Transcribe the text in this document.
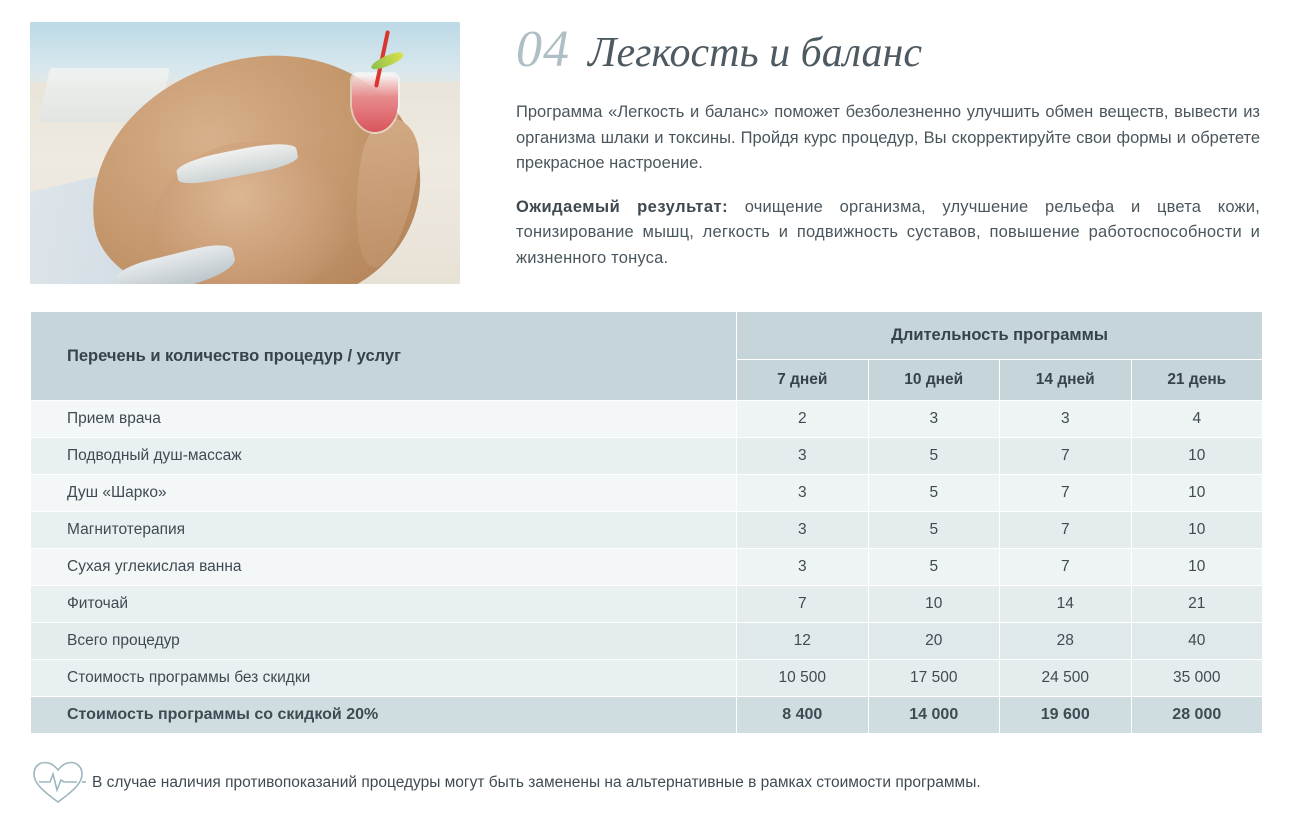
04 Легкость и баланс

Программа «Легкость и баланс» поможет безболезненно улучшить обмен веществ, вывести из организма шлаки и токсины. Пройдя курс процедур, Вы скорректируйте свои формы и обретете прекрасное настроение.

Ожидаемый результат: очищение организма, улучшение рельефа и цвета кожи, тонизирование мышц, легкость и подвижность суставов, повышение работоспособности и жизненного тонуса.

Перечень и количество процедур / услуг	Длительность программы			
	7 дней	10 дней	14 дней	21 день
Прием врача	2	3	3	4
Подводный душ-массаж	3	5	7	10
Душ «Шарко»	3	5	7	10
Магнитотерапия	3	5	7	10
Сухая углекислая ванна	3	5	7	10
Фиточай	7	10	14	21
Всего процедур	12	20	28	40
Стоимость программы без скидки	10 500	17 500	24 500	35 000
Стоимость программы со скидкой 20%	8 400	14 000	19 600	28 000
В случае наличия противопоказаний процедуры могут быть заменены на альтернативные в рамках стоимости программы.
